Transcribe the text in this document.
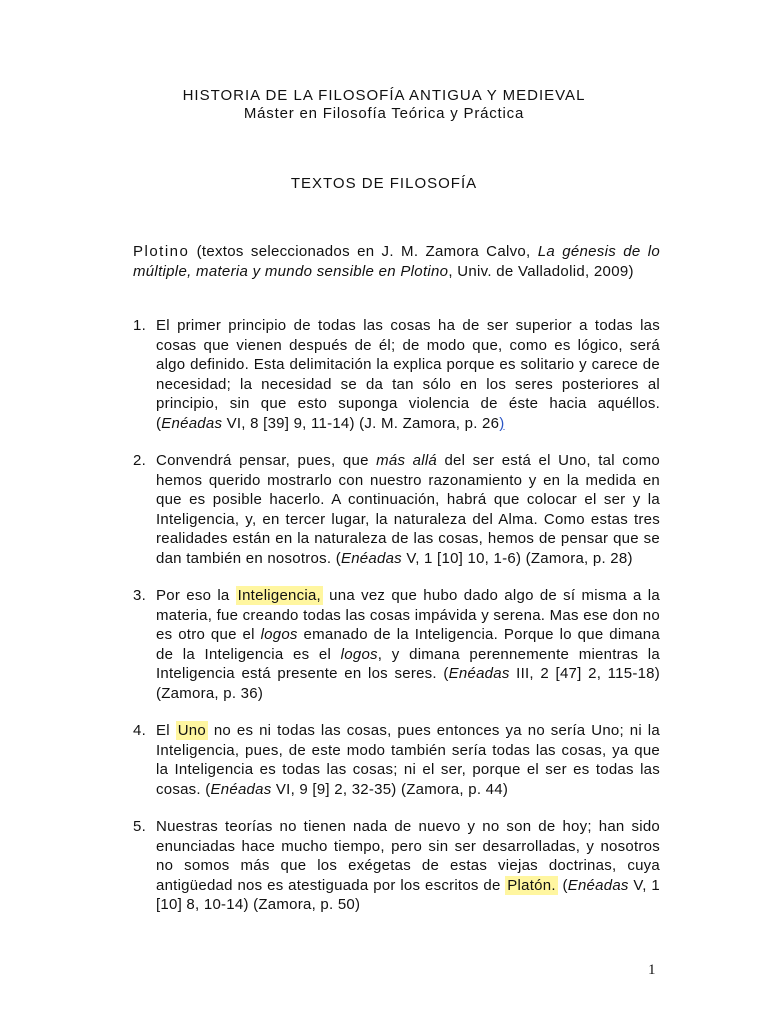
HISTORIA DE LA FILOSOFÍA ANTIGUA Y MEDIEVAL
Máster en Filosofía Teórica y Práctica
TEXTOS DE FILOSOFÍA
Plotino (textos seleccionados en J. M. Zamora Calvo, La génesis de lo múltiple, materia y mundo sensible en Plotino, Univ. de Valladolid, 2009)
1. El primer principio de todas las cosas ha de ser superior a todas las cosas que vienen después de él; de modo que, como es lógico, será algo definido. Esta delimitación la explica porque es solitario y carece de necesidad; la necesidad se da tan sólo en los seres posteriores al principio, sin que esto suponga violencia de éste hacia aquéllos. (Enéadas VI, 8 [39] 9, 11-14) (J. M. Zamora, p. 26)
2. Convendrá pensar, pues, que más allá del ser está el Uno, tal como hemos querido mostrarlo con nuestro razonamiento y en la medida en que es posible hacerlo. A continuación, habrá que colocar el ser y la Inteligencia, y, en tercer lugar, la naturaleza del Alma. Como estas tres realidades están en la naturaleza de las cosas, hemos de pensar que se dan también en nosotros. (Enéadas V, 1 [10] 10, 1-6) (Zamora, p. 28)
3. Por eso la Inteligencia, una vez que hubo dado algo de sí misma a la materia, fue creando todas las cosas impávida y serena. Mas ese don no es otro que el logos emanado de la Inteligencia. Porque lo que dimana de la Inteligencia es el logos, y dimana perennemente mientras la Inteligencia está presente en los seres. (Enéadas III, 2 [47] 2, 115-18) (Zamora, p. 36)
4. El Uno no es ni todas las cosas, pues entonces ya no sería Uno; ni la Inteligencia, pues, de este modo también sería todas las cosas, ya que la Inteligencia es todas las cosas; ni el ser, porque el ser es todas las cosas. (Enéadas VI, 9 [9] 2, 32-35) (Zamora, p. 44)
5. Nuestras teorías no tienen nada de nuevo y no son de hoy; han sido enunciadas hace mucho tiempo, pero sin ser desarrolladas, y nosotros no somos más que los exégetas de estas viejas doctrinas, cuya antigüedad nos es atestiguada por los escritos de Platón. (Enéadas V, 1 [10] 8, 10-14) (Zamora, p. 50)
1
